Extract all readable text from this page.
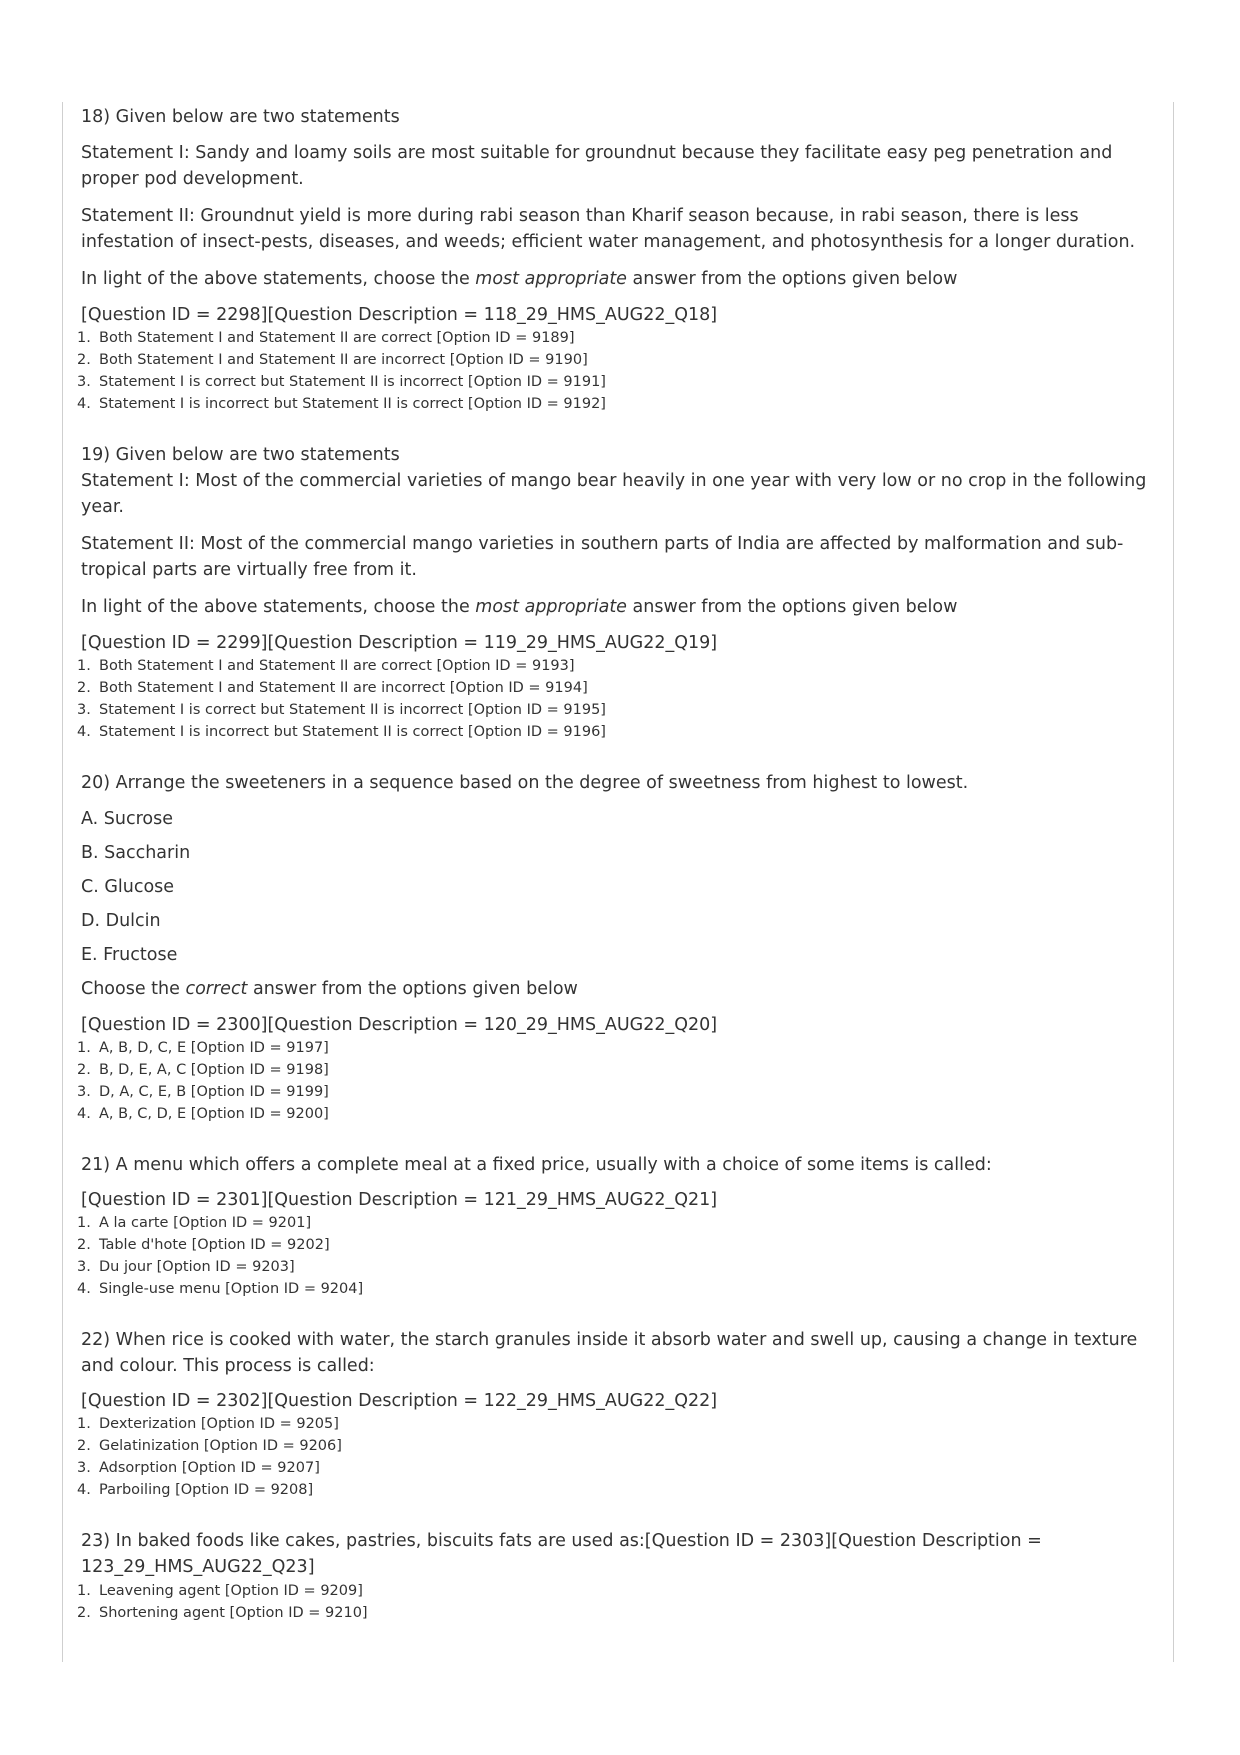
18) Given below are two statements

Statement I: Sandy and loamy soils are most suitable for groundnut because they facilitate easy peg penetration and proper pod development.

Statement II: Groundnut yield is more during rabi season than Kharif season because, in rabi season, there is less infestation of insect-pests, diseases, and weeds; efficient water management, and photosynthesis for a longer duration.

In light of the above statements, choose the most appropriate answer from the options given below

[Question ID = 2298][Question Description = 118_29_HMS_AUG22_Q18]

1. Both Statement I and Statement II are correct [Option ID = 9189]
2. Both Statement I and Statement II are incorrect [Option ID = 9190]
3. Statement I is correct but Statement II is incorrect [Option ID = 9191]
4. Statement I is incorrect but Statement II is correct [Option ID = 9192]

19) Given below are two statements

Statement I: Most of the commercial varieties of mango bear heavily in one year with very low or no crop in the following year.

Statement II: Most of the commercial mango varieties in southern parts of India are affected by malformation and sub-tropical parts are virtually free from it.

In light of the above statements, choose the most appropriate answer from the options given below

[Question ID = 2299][Question Description = 119_29_HMS_AUG22_Q19]

1. Both Statement I and Statement II are correct [Option ID = 9193]
2. Both Statement I and Statement II are incorrect [Option ID = 9194]
3. Statement I is correct but Statement II is incorrect [Option ID = 9195]
4. Statement I is incorrect but Statement II is correct [Option ID = 9196]

20) Arrange the sweeteners in a sequence based on the degree of sweetness from highest to lowest.

A. Sucrose

B. Saccharin

C. Glucose

D. Dulcin

E. Fructose

Choose the correct answer from the options given below

[Question ID = 2300][Question Description = 120_29_HMS_AUG22_Q20]

1. A, B, D, C, E [Option ID = 9197]
2. B, D, E, A, C [Option ID = 9198]
3. D, A, C, E, B [Option ID = 9199]
4. A, B, C, D, E [Option ID = 9200]

21) A menu which offers a complete meal at a fixed price, usually with a choice of some items is called:

[Question ID = 2301][Question Description = 121_29_HMS_AUG22_Q21]

1. A la carte [Option ID = 9201]
2. Table d'hote [Option ID = 9202]
3. Du jour [Option ID = 9203]
4. Single-use menu [Option ID = 9204]

22) When rice is cooked with water, the starch granules inside it absorb water and swell up, causing a change in texture and colour. This process is called:

[Question ID = 2302][Question Description = 122_29_HMS_AUG22_Q22]

1. Dexterization [Option ID = 9205]
2. Gelatinization [Option ID = 9206]
3. Adsorption [Option ID = 9207]
4. Parboiling [Option ID = 9208]

23) In baked foods like cakes, pastries, biscuits fats are used as:[Question ID = 2303][Question Description = 123_29_HMS_AUG22_Q23]

1. Leavening agent [Option ID = 9209]
2. Shortening agent [Option ID = 9210]
